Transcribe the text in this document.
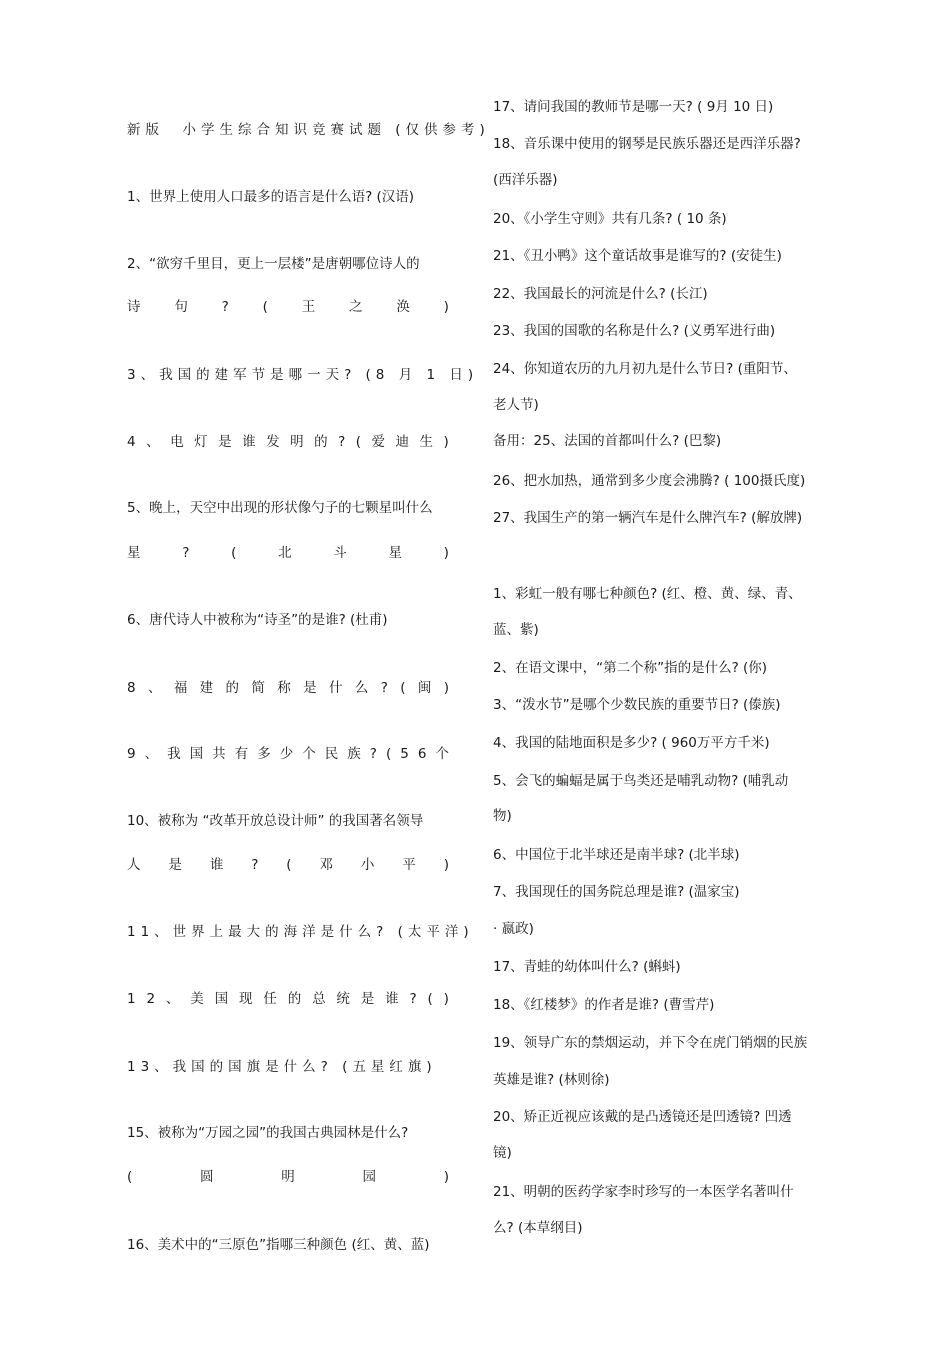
新版　小学生综合知识竞赛试题 (仅供参考)
1、世界上使用人口最多的语言是什么语? (汉语)
2、“欲穷千里目，更上一层楼”是唐朝哪位诗人的
诗	句	?	(	王	之	涣	)
3、我国的建军节是哪一天? (8 月 1 日)
4 、 电 灯 是 谁 发 明 的 ? ( 爱 迪 生 )
5、晚上，天空中出现的形状像勺子的七颗星叫什么
星	?	(	北	斗	星	)
6、唐代诗人中被称为“诗圣”的是谁? (杜甫)
8 、 福 建 的 简 称 是 什 么 ? ( 闽 )
9 、 我 国 共 有 多 少 个 民 族 ? ( 5 6 个
10、被称为 “改革开放总设计师” 的我国著名领导
人 是 谁 ? ( 邓 小 平 )
11、世界上最大的海洋是什么? (太平洋)
1 2 、 美 国 现 任 的 总 统 是 谁 ? ( )
13、我国的国旗是什么? (五星红旗)
15、被称为“万园之园”的我国古典园林是什么?
(	圆	明	园	)
16、美术中的“三原色”指哪三种颜色 (红、黄、蓝)
17、请问我国的教师节是哪一天? ( 9月 10 日)
18、音乐课中使用的钢琴是民族乐器还是西洋乐器?
(西洋乐器)
20、《小学生守则》共有几条? ( 10 条)
21、《丑小鸭》这个童话故事是谁写的? (安徒生)
22、我国最长的河流是什么? (长江)
23、我国的国歌的名称是什么? (义勇军进行曲)
24、你知道农历的九月初九是什么节日? (重阳节、
老人节)
备用：25、法国的首都叫什么? (巴黎)
26、把水加热，通常到多少度会沸腾? ( 100摄氏度)
27、我国生产的第一辆汽车是什么牌汽车? (解放牌)
1、彩虹一般有哪七种颜色? (红、橙、黄、绿、青、
蓝、紫)
2、在语文课中，“第二个称”指的是什么? (你)
3、“泼水节”是哪个少数民族的重要节日? (傣族)
4、我国的陆地面积是多少? ( 960万平方千米)
5、会飞的蝙蝠是属于鸟类还是哺乳动物? (哺乳动
物)
6、中国位于北半球还是南半球? (北半球)
7、我国现任的国务院总理是谁? (温家宝)
· 嬴政)
17、青蛙的幼体叫什么? (蝌蚪)
18、《红楼梦》的作者是谁? (曹雪芹)
19、领导广东的禁烟运动，并下令在虎门销烟的民族
英雄是谁? (林则徐)
20、矫正近视应该戴的是凸透镜还是凹透镜? 凹透
镜)
21、明朝的医药学家李时珍写的一本医学名著叫什
么? (本草纲目)
